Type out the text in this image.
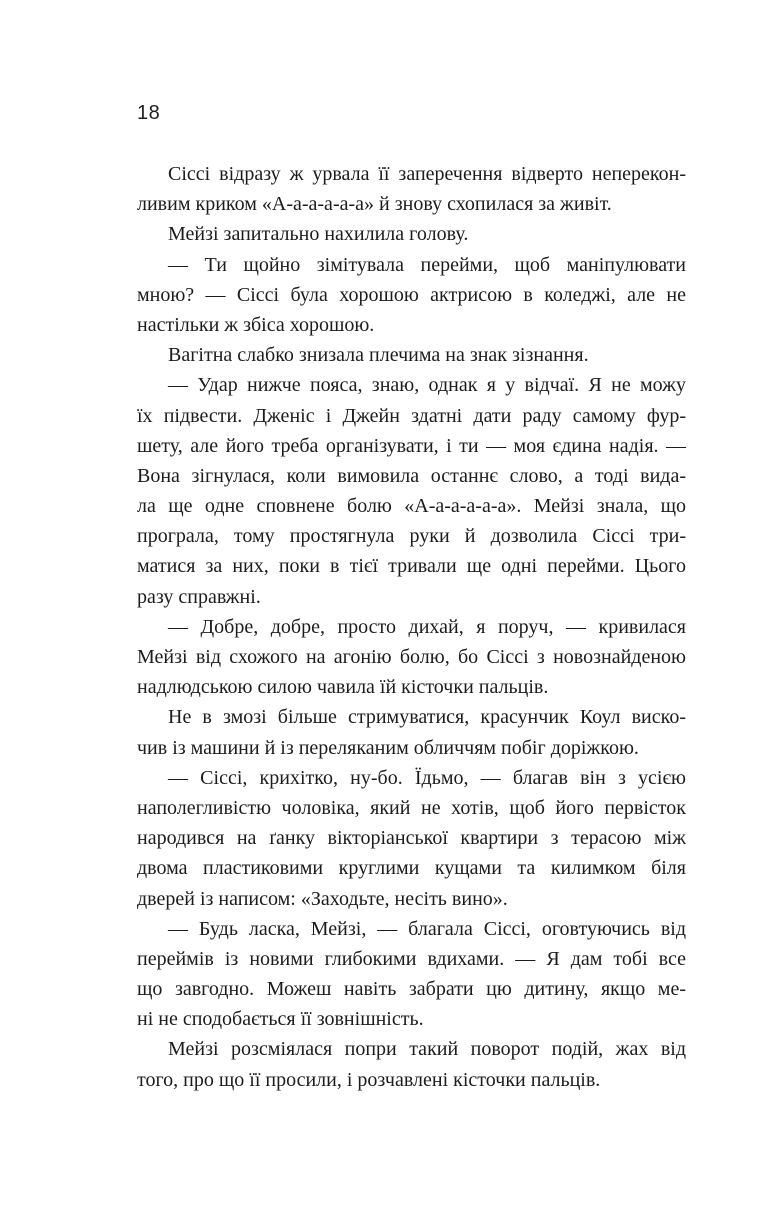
18
Сіссі відразу ж урвала її заперечення відверто неперекон-
ливим криком «А-а-а-а-а-а» й знову схопилася за живіт.
Мейзі запитально нахилила голову.
— Ти щойно зімітувала перейми, щоб маніпулювати
мною? — Сіссі була хорошою актрисою в коледжі, але не
настільки ж збіса хорошою.
Вагітна слабко знизала плечима на знак зізнання.
— Удар нижче пояса, знаю, однак я у відчаї. Я не можу
їх підвести. Дженіс і Джейн здатні дати раду самому фур-
шету, але його треба організувати, і ти — моя єдина надія. —
Вона зігнулася, коли вимовила останнє слово, а тоді вида-
ла ще одне сповнене болю «А-а-а-а-а-а». Мейзі знала, що
програла, тому простягнула руки й дозволила Сіссі три-
матися за них, поки в тієї тривали ще одні перейми. Цього
разу справжні.
— Добре, добре, просто дихай, я поруч, — кривилася
Мейзі від схожого на агонію болю, бо Сіссі з новознайденою
надлюдською силою чавила їй кісточки пальців.
Не в змозі більше стримуватися, красунчик Коул виско-
чив із машини й із переляканим обличчям побіг доріжкою.
— Сіссі, крихітко, ну-бо. Їдьмо, — благав він з усією
наполегливістю чоловіка, який не хотів, щоб його первісток
народився на ґанку вікторіанської квартири з терасою між
двома пластиковими круглими кущами та килимком біля
дверей із написом: «Заходьте, несіть вино».
— Будь ласка, Мейзі, — благала Сіссі, оговтуючись від
переймів із новими глибокими вдихами. — Я дам тобі все
що завгодно. Можеш навіть забрати цю дитину, якщо ме-
ні не сподобається її зовнішність.
Мейзі розсміялася попри такий поворот подій, жах від
того, про що її просили, і розчавлені кісточки пальців.
